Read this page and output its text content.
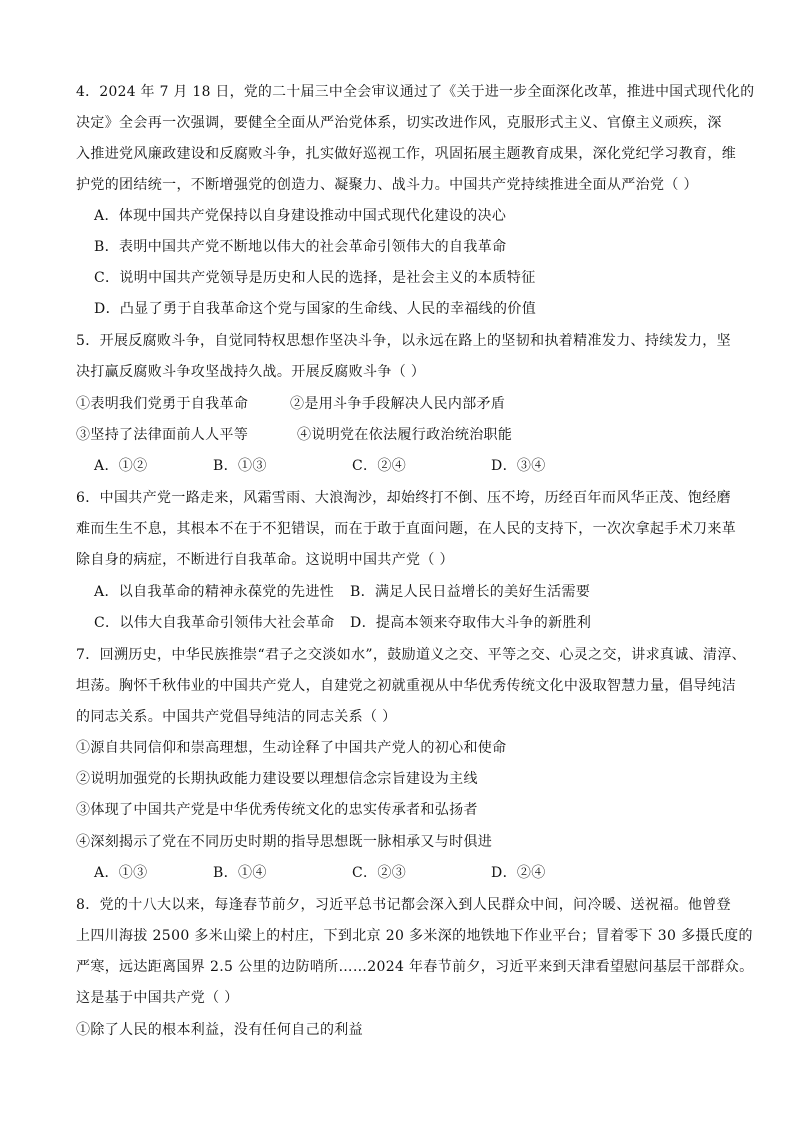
4．2024 年 7 月 18 日，党的二十届三中全会审议通过了《关于进一步全面深化改革，推进中国式现代化的
决定》全会再一次强调，要健全全面从严治党体系，切实改进作风，克服形式主义、官僚主义顽疾，深
入推进党风廉政建设和反腐败斗争，扎实做好巡视工作，巩固拓展主题教育成果，深化党纪学习教育，维
护党的团结统一，不断增强党的创造力、凝聚力、战斗力。中国共产党持续推进全面从严治党（ ）
A．体现中国共产党保持以自身建设推动中国式现代化建设的决心
B．表明中国共产党不断地以伟大的社会革命引领伟大的自我革命
C．说明中国共产党领导是历史和人民的选择，是社会主义的本质特征
D．凸显了勇于自我革命这个党与国家的生命线、人民的幸福线的价值
5．开展反腐败斗争，自觉同特权思想作坚决斗争，以永远在路上的坚韧和执着精准发力、持续发力，坚
决打赢反腐败斗争攻坚战持久战。开展反腐败斗争（ ）
①表明我们党勇于自我革命	②是用斗争手段解决人民内部矛盾
③坚持了法律面前人人平等	④说明党在依法履行政治统治职能
A．①②	B．①③	C．②④	D．③④
6．中国共产党一路走来，风霜雪雨、大浪淘沙，却始终打不倒、压不垮，历经百年而风华正茂、饱经磨
难而生生不息，其根本不在于不犯错误，而在于敢于直面问题，在人民的支持下，一次次拿起手术刀来革
除自身的病症，不断进行自我革命。这说明中国共产党（ ）
A．以自我革命的精神永葆党的先进性 B．满足人民日益增长的美好生活需要
C．以伟大自我革命引领伟大社会革命 D．提高本领来夺取伟大斗争的新胜利
7．回溯历史，中华民族推崇“君子之交淡如水”，鼓励道义之交、平等之交、心灵之交，讲求真诚、清淳、
坦荡。胸怀千秋伟业的中国共产党人，自建党之初就重视从中华优秀传统文化中汲取智慧力量，倡导纯洁
的同志关系。中国共产党倡导纯洁的同志关系（ ）
①源自共同信仰和崇高理想，生动诠释了中国共产党人的初心和使命
②说明加强党的长期执政能力建设要以理想信念宗旨建设为主线
③体现了中国共产党是中华优秀传统文化的忠实传承者和弘扬者
④深刻揭示了党在不同历史时期的指导思想既一脉相承又与时俱进
A．①③	B．①④	C．②③	D．②④
8．党的十八大以来，每逢春节前夕，习近平总书记都会深入到人民群众中间，问冷暖、送祝福。他曾登
上四川海拔 2500 多米山梁上的村庄，下到北京 20 多米深的地铁地下作业平台；冒着零下 30 多摄氏度的
严寒，远达距离国界 2.5 公里的边防哨所……2024 年春节前夕，习近平来到天津看望慰问基层干部群众。
这是基于中国共产党（ ）
①除了人民的根本利益，没有任何自己的利益
